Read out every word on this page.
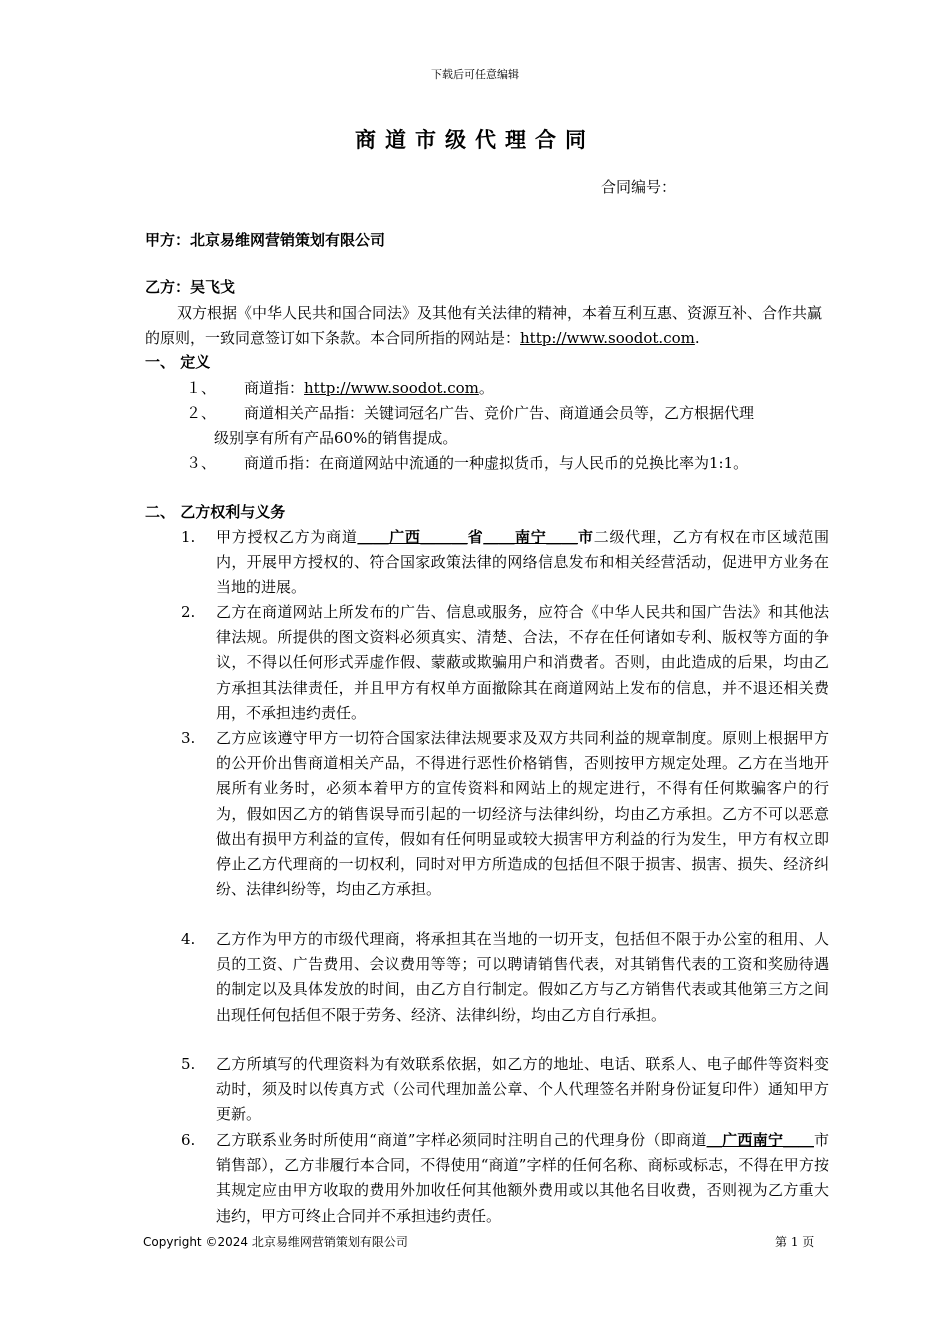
下载后可任意编辑
商道市级代理合同
合同编号：
甲方：北京易维网营销策划有限公司
乙方：吴飞戈
双方根据《中华人民共和国合同法》及其他有关法律的精神，本着互利互惠、资源互补、合作共赢的原则，一致同意签订如下条款。本合同所指的网站是：http://www.soodot.com.
一、 定义
１、 商道指：http://www.soodot.com。
２、 商道相关产品指：关键词冠名广告、竞价广告、商道通会员等，乙方根据代理
级别享有所有产品60%的销售提成。
３、 商道币指：在商道网站中流通的一种虚拟货币，与人民币的兑换比率为1:1。
二、 乙方权利与义务
1. 甲方授权乙方为商道＿＿广西＿＿＿省＿＿南宁＿＿市二级代理，乙方有权在市区域范围内，开展甲方授权的、符合国家政策法律的网络信息发布和相关经营活动，促进甲方业务在当地的进展。
2. 乙方在商道网站上所发布的广告、信息或服务，应符合《中华人民共和国广告法》和其他法律法规。所提供的图文资料必须真实、清楚、合法，不存在任何诸如专利、版权等方面的争议，不得以任何形式弄虚作假、蒙蔽或欺骗用户和消费者。否则，由此造成的后果，均由乙方承担其法律责任，并且甲方有权单方面撤除其在商道网站上发布的信息，并不退还相关费用，不承担违约责任。
3. 乙方应该遵守甲方一切符合国家法律法规要求及双方共同利益的规章制度。原则上根据甲方的公开价出售商道相关产品，不得进行恶性价格销售，否则按甲方规定处理。乙方在当地开展所有业务时，必须本着甲方的宣传资料和网站上的规定进行，不得有任何欺骗客户的行为，假如因乙方的销售误导而引起的一切经济与法律纠纷，均由乙方承担。乙方不可以恶意做出有损甲方利益的宣传，假如有任何明显或较大损害甲方利益的行为发生，甲方有权立即停止乙方代理商的一切权利，同时对甲方所造成的包括但不限于损害、损害、损失、经济纠纷、法律纠纷等，均由乙方承担。
4. 乙方作为甲方的市级代理商，将承担其在当地的一切开支，包括但不限于办公室的租用、人员的工资、广告费用、会议费用等等；可以聘请销售代表，对其销售代表的工资和奖励待遇的制定以及具体发放的时间，由乙方自行制定。假如乙方与乙方销售代表或其他第三方之间出现任何包括但不限于劳务、经济、法律纠纷，均由乙方自行承担。
5. 乙方所填写的代理资料为有效联系依据，如乙方的地址、电话、联系人、电子邮件等资料变动时，须及时以传真方式（公司代理加盖公章、个人代理签名并附身份证复印件）通知甲方更新。
6. 乙方联系业务时所使用“商道”字样必须同时注明自己的代理身份（即商道＿广西南宁＿＿市销售部），乙方非履行本合同，不得使用“商道”字样的任何名称、商标或标志，不得在甲方按其规定应由甲方收取的费用外加收任何其他额外费用或以其他名目收费，否则视为乙方重大违约，甲方可终止合同并不承担违约责任。
Copyright ©2024 北京易维网营销策划有限公司	第 1 页
